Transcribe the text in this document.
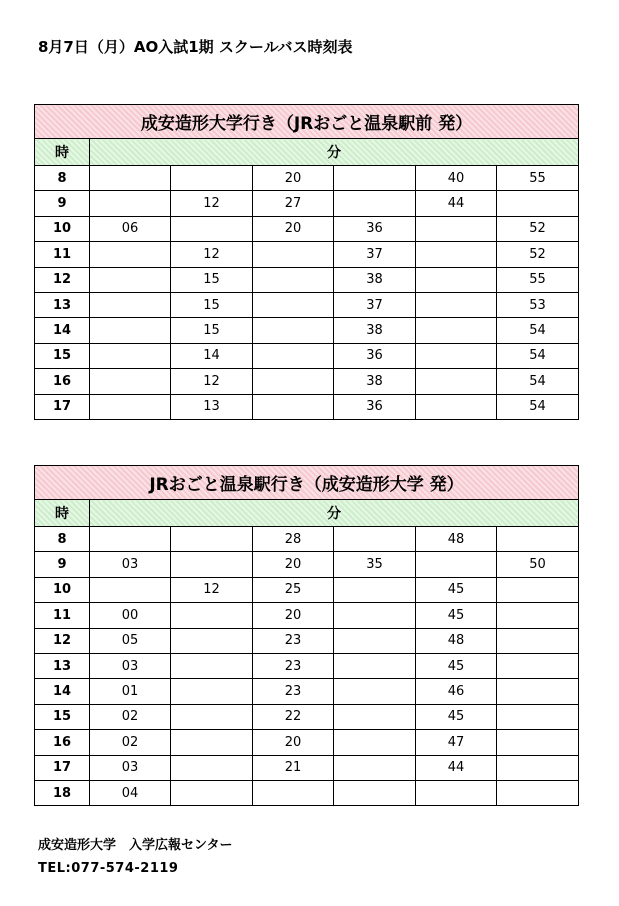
8月7日（月）AO入試1期 スクールバス時刻表
成安造形大学行き（JRおごと温泉駅前 発）						
時	分					
8			20		40	55
9		12	27		44	
10	06		20	36		52
11		12		37		52
12		15		38		55
13		15		37		53
14		15		38		54
15		14		36		54
16		12		38		54
17		13		36		54
JRおごと温泉駅行き（成安造形大学 発）						
時	分					
8			28		48	
9	03		20	35		50
10		12	25		45	
11	00		20		45	
12	05		23		48	
13	03		23		45	
14	01		23		46	
15	02		22		45	
16	02		20		47	
17	03		21		44	
18	04					
成安造形大学　入学広報センター
TEL:077-574-2119
